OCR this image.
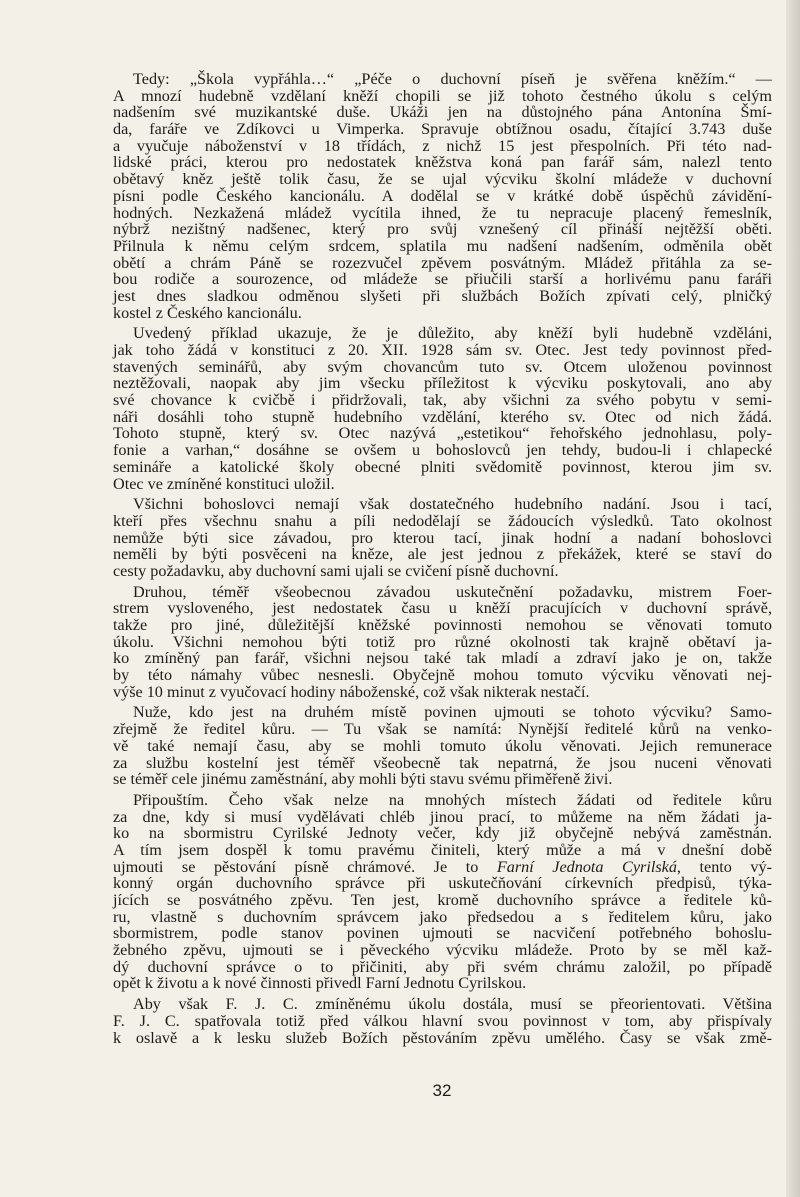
Tedy: „Škola vypřáhla…“ „Péče o duchovní píseň je svěřena kněžím.“ —
A mnozí hudebně vzdělaní kněží chopili se již tohoto čestného úkolu s celým
nadšením své muzikantské duše. Ukáži jen na důstojného pána Antonína Šmí-
da, faráře ve Zdíkovci u Vimperka. Spravuje obtížnou osadu, čítající 3.743 duše
a vyučuje náboženství v 18 třídách, z nichž 15 jest přespolních. Při této nad-
lidské práci, kterou pro nedostatek kněžstva koná pan farář sám, nalezl tento
obětavý kněz ještě tolik času, že se ujal výcviku školní mládeže v duchovní
písni podle Českého kancionálu. A dodělal se v krátké době úspěchů závidění-
hodných. Nezkažená mládež vycítila ihned, že tu nepracuje placený řemeslník,
nýbrž nezištný nadšenec, který pro svůj vznešený cíl přináší nejtěžší oběti.
Přilnula k němu celým srdcem, splatila mu nadšení nadšením, odměnila obět
obětí a chrám Páně se rozezvučel zpěvem posvátným. Mládež přitáhla za se-
bou rodiče a sourozence, od mládeže se přiučili starší a horlivému panu faráři
jest dnes sladkou odměnou slyšeti při službách Božích zpívati celý, plničký
kostel z Českého kancionálu.
Uvedený příklad ukazuje, že je důležito, aby kněží byli hudebně vzděláni,
jak toho žádá v konstituci z 20. XII. 1928 sám sv. Otec. Jest tedy povinnost před-
stavených seminářů, aby svým chovancům tuto sv. Otcem uloženou povinnost
neztěžovali, naopak aby jim všecku příležitost k výcviku poskytovali, ano aby
své chovance k cvičbě i přidržovali, tak, aby všichni za svého pobytu v semi-
náři dosáhli toho stupně hudebního vzdělání, kterého sv. Otec od nich žádá.
Tohoto stupně, který sv. Otec nazývá „estetikou“ řehořského jednohlasu, poly-
fonie a varhan,“ dosáhne se ovšem u bohoslovců jen tehdy, budou-li i chlapecké
semináře a katolické školy obecné plniti svědomitě povinnost, kterou jim sv.
Otec ve zmíněné konstituci uložil.
Všichni bohoslovci nemají však dostatečného hudebního nadání. Jsou i tací,
kteří přes všechnu snahu a píli nedodělají se žádoucích výsledků. Tato okolnost
nemůže býti sice závadou, pro kterou tací, jinak hodní a nadaní bohoslovci
neměli by býti posvěceni na kněze, ale jest jednou z překážek, které se staví do
cesty požadavku, aby duchovní sami ujali se cvičení písně duchovní.
Druhou, téměř všeobecnou závadou uskutečnění požadavku, mistrem Foer-
strem vysloveného, jest nedostatek času u kněží pracujících v duchovní správě,
takže pro jiné, důležitější kněžské povinnosti nemohou se věnovati tomuto
úkolu. Všichni nemohou býti totiž pro různé okolnosti tak krajně obětaví ja-
ko zmíněný pan farář, všichni nejsou také tak mladí a zdraví jako je on, takže
by této námahy vůbec nesnesli. Obyčejně mohou tomuto výcviku věnovati nej-
výše 10 minut z vyučovací hodiny náboženské, což však nikterak nestačí.
Nuže, kdo jest na druhém místě povinen ujmouti se tohoto výcviku? Samo-
zřejmě že ředitel kůru. — Tu však se namítá: Nynější ředitelé kůrů na venko-
vě také nemají času, aby se mohli tomuto úkolu věnovati. Jejich remunerace
za službu kostelní jest téměř všeobecně tak nepatrná, že jsou nuceni věnovati
se téměř cele jinému zaměstnání, aby mohli býti stavu svému přiměřeně živi.
Připouštím. Čeho však nelze na mnohých místech žádati od ředitele kůru
za dne, kdy si musí vydělávati chléb jinou prací, to můžeme na něm žádati ja-
ko na sbormistru Cyrilské Jednoty večer, kdy již obyčejně nebývá zaměstnán.
A tím jsem dospěl k tomu pravému činiteli, který může a má v dnešní době
ujmouti se pěstování písně chrámové. Je to Farní Jednota Cyrilská, tento vý-
konný orgán duchovního správce při uskutečňování církevních předpisů, týka-
jících se posvátného zpěvu. Ten jest, kromě duchovního správce a ředitele ků-
ru, vlastně s duchovním správcem jako předsedou a s ředitelem kůru, jako
sbormistrem, podle stanov povinen ujmouti se nacvičení potřebného bohoslu-
žebného zpěvu, ujmouti se i pěveckého výcviku mládeže. Proto by se měl kaž-
dý duchovní správce o to přičiniti, aby při svém chrámu založil, po případě
opět k životu a k nové činnosti přivedl Farní Jednotu Cyrilskou.
Aby však F. J. C. zmíněnému úkolu dostála, musí se přeorientovati. Většina
F. J. C. spatřovala totiž před válkou hlavní svou povinnost v tom, aby přispívaly
k oslavě a k lesku služeb Božích pěstováním zpěvu umělého. Časy se však změ-
32
